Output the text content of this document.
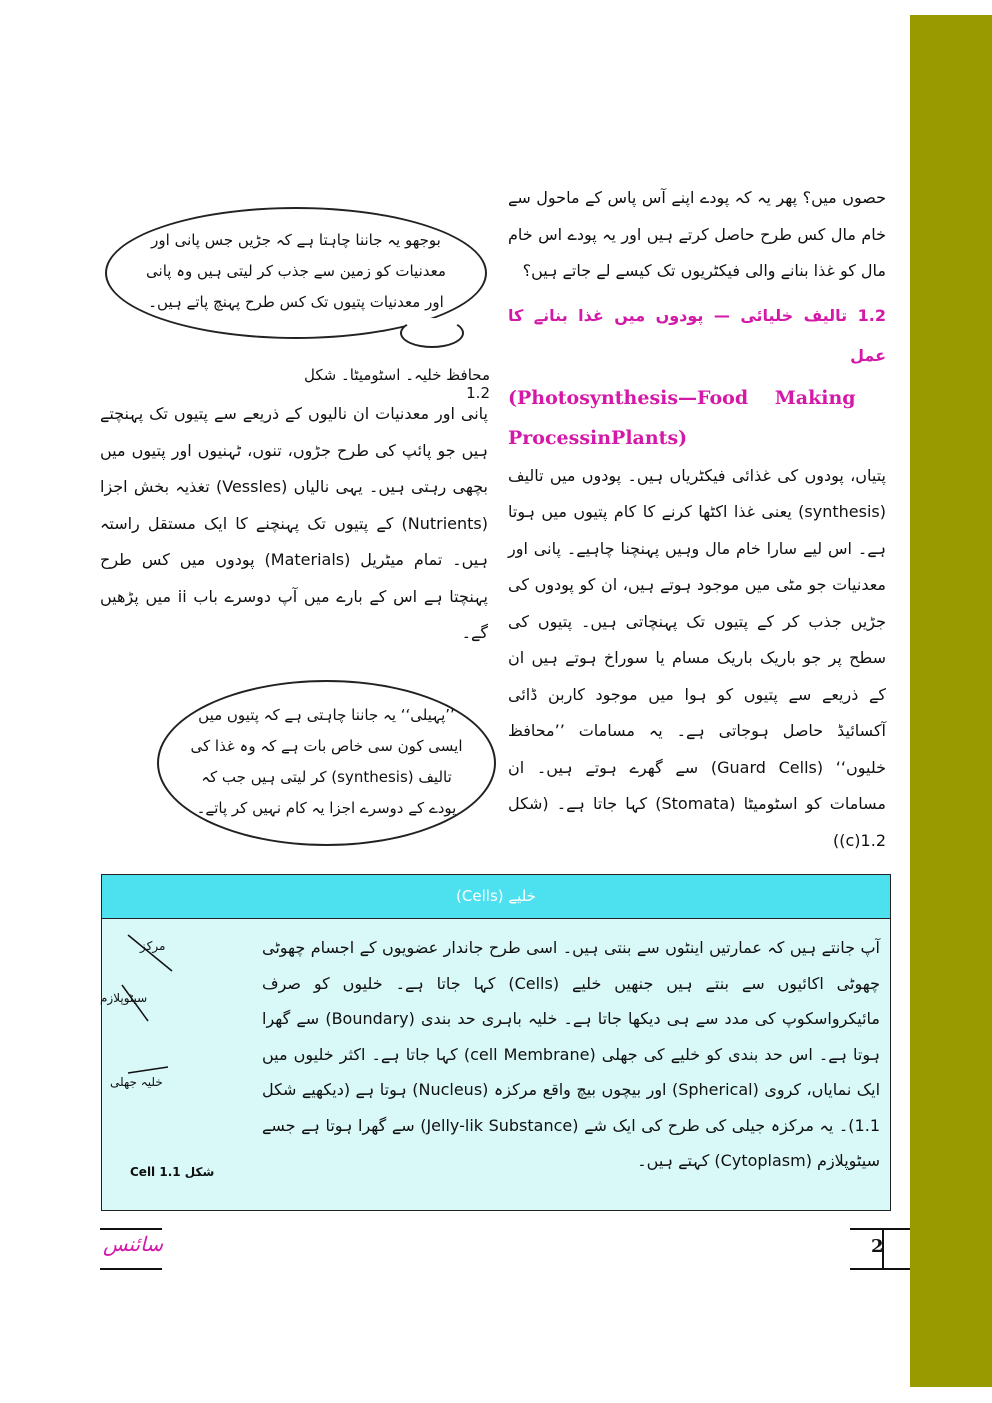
حصوں میں؟ پھر یہ کہ پودے اپنے آس پاس کے ماحول سے خام مال کس طرح حاصل کرتے ہیں اور یہ پودے اس خام مال کو غذا بنانے والی فیکٹریوں تک کیسے لے جاتے ہیں؟

1.2 تالیف خلیائی — پودوں میں غذا بنانے کا عمل

(Photosynthesis—Food Making ProcessinPlants)

پتیاں، پودوں کی غذائی فیکٹریاں ہیں۔ پودوں میں تالیف (synthesis) یعنی غذا اکٹھا کرنے کا کام پتیوں میں ہوتا ہے۔ اس لیے سارا خام مال وہیں پہنچنا چاہیے۔ پانی اور معدنیات جو مٹی میں موجود ہوتے ہیں، ان کو پودوں کی جڑیں جذب کر کے پتیوں تک پہنچاتی ہیں۔ پتیوں کی سطح پر جو باریک باریک مسام یا سوراخ ہوتے ہیں ان کے ذریعے سے پتیوں کو ہوا میں موجود کاربن ڈائی آکسائیڈ حاصل ہوجاتی ہے۔ یہ مسامات ’’محافظ خلیوں‘‘ (Guard Cells) سے گھرے ہوتے ہیں۔ ان مسامات کو اسٹومیٹا (Stomata) کہا جاتا ہے۔ (شکل 1.2(c))

بوجھو یہ جاننا چاہتا ہے کہ جڑیں جس پانی اور معدنیات کو زمین سے جذب کر لیتی ہیں وہ پانی اور معدنیات پتیوں تک کس طرح پہنچ پاتے ہیں۔
محافظ خلیہ۔ اسٹومیٹا۔ شکل 1.2

پانی اور معدنیات ان نالیوں کے ذریعے سے پتیوں تک پہنچتے ہیں جو پائپ کی طرح جڑوں، تنوں، ٹہنیوں اور پتیوں میں بچھی رہتی ہیں۔ یہی نالیاں (Vessles) تغذیہ بخش اجزا (Nutrients) کے پتیوں تک پہنچنے کا ایک مستقل راستہ ہیں۔ تمام میٹریل (Materials) پودوں میں کس طرح پہنچتا ہے اس کے بارے میں آپ دوسرے باب ii میں پڑھیں گے۔

’’پہیلی‘‘ یہ جاننا چاہتی ہے کہ پتیوں میں ایسی کون سی خاص بات ہے کہ وہ غذا کی تالیف (synthesis) کر لیتی ہیں جب کہ پودے کے دوسرے اجزا یہ کام نہیں کر پاتے۔
خلیے (Cells)

آپ جانتے ہیں کہ عمارتیں اینٹوں سے بنتی ہیں۔ اسی طرح جاندار عضویوں کے اجسام چھوٹی چھوٹی اکائیوں سے بنتے ہیں جنھیں خلیے (Cells) کہا جاتا ہے۔ خلیوں کو صرف مائیکرواسکوپ کی مدد سے ہی دیکھا جاتا ہے۔ خلیہ باہری حد بندی (Boundary) سے گھرا ہوتا ہے۔ اس حد بندی کو خلیے کی جھلی (cell Membrane) کہا جاتا ہے۔ اکثر خلیوں میں ایک نمایاں، کروی (Spherical) اور بیچوں بیچ واقع مرکزہ (Nucleus) ہوتا ہے (دیکھیے شکل 1.1)۔ یہ مرکزہ جیلی کی طرح کی ایک شے (Jelly-lik Substance) سے گھرا ہوتا ہے جسے سیٹوپلازم (Cytoplasm) کہتے ہیں۔

مرکز
سیٹوپلازم
خلیہ جھلی
شکل 1.1 Cell
سائنس	2
